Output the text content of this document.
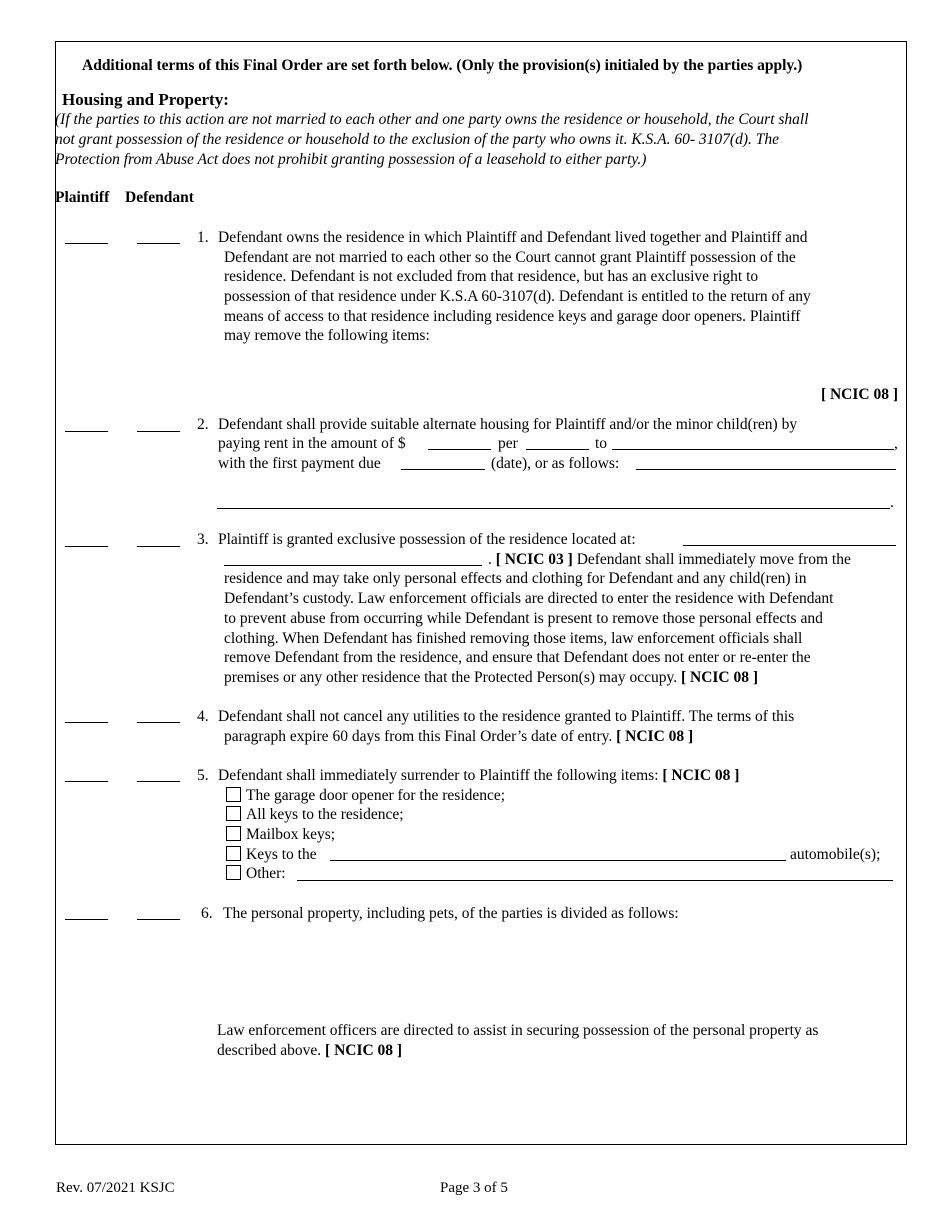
Additional terms of this Final Order are set forth below. (Only the provision(s) initialed by the parties apply.)
Housing and Property:
(If the parties to this action are not married to each other and one party owns the residence or household, the Court shall
not grant possession of the residence or household to the exclusion of the party who owns it. K.S.A. 60- 3107(d). The
Protection from Abuse Act does not prohibit granting possession of a leasehold to either party.)
Plaintiff Defendant
1. Defendant owns the residence in which Plaintiff and Defendant lived together and Plaintiff and
Defendant are not married to each other so the Court cannot grant Plaintiff possession of the
residence. Defendant is not excluded from that residence, but has an exclusive right to
possession of that residence under K.S.A 60-3107(d). Defendant is entitled to the return of any
means of access to that residence including residence keys and garage door openers. Plaintiff
may remove the following items:
[ NCIC 08 ]
2. Defendant shall provide suitable alternate housing for Plaintiff and/or the minor child(ren) by
paying rent in the amount of $	per	to	,
with the first payment due	(date), or as follows:
.
3. Plaintiff is granted exclusive possession of the residence located at:
. [ NCIC 03 ] Defendant shall immediately move from the
residence and may take only personal effects and clothing for Defendant and any child(ren) in
Defendant’s custody. Law enforcement officials are directed to enter the residence with Defendant
to prevent abuse from occurring while Defendant is present to remove those personal effects and
clothing. When Defendant has finished removing those items, law enforcement officials shall
remove Defendant from the residence, and ensure that Defendant does not enter or re-enter the
premises or any other residence that the Protected Person(s) may occupy. [ NCIC 08 ]
4. Defendant shall not cancel any utilities to the residence granted to Plaintiff. The terms of this
paragraph expire 60 days from this Final Order’s date of entry. [ NCIC 08 ]
5. Defendant shall immediately surrender to Plaintiff the following items: [ NCIC 08 ]
The garage door opener for the residence;
All keys to the residence;
Mailbox keys;
Keys to the	automobile(s);
Other:
6. The personal property, including pets, of the parties is divided as follows:
Law enforcement officers are directed to assist in securing possession of the personal property as
described above. [ NCIC 08 ]
Rev. 07/2021 KSJC	Page 3 of 5
